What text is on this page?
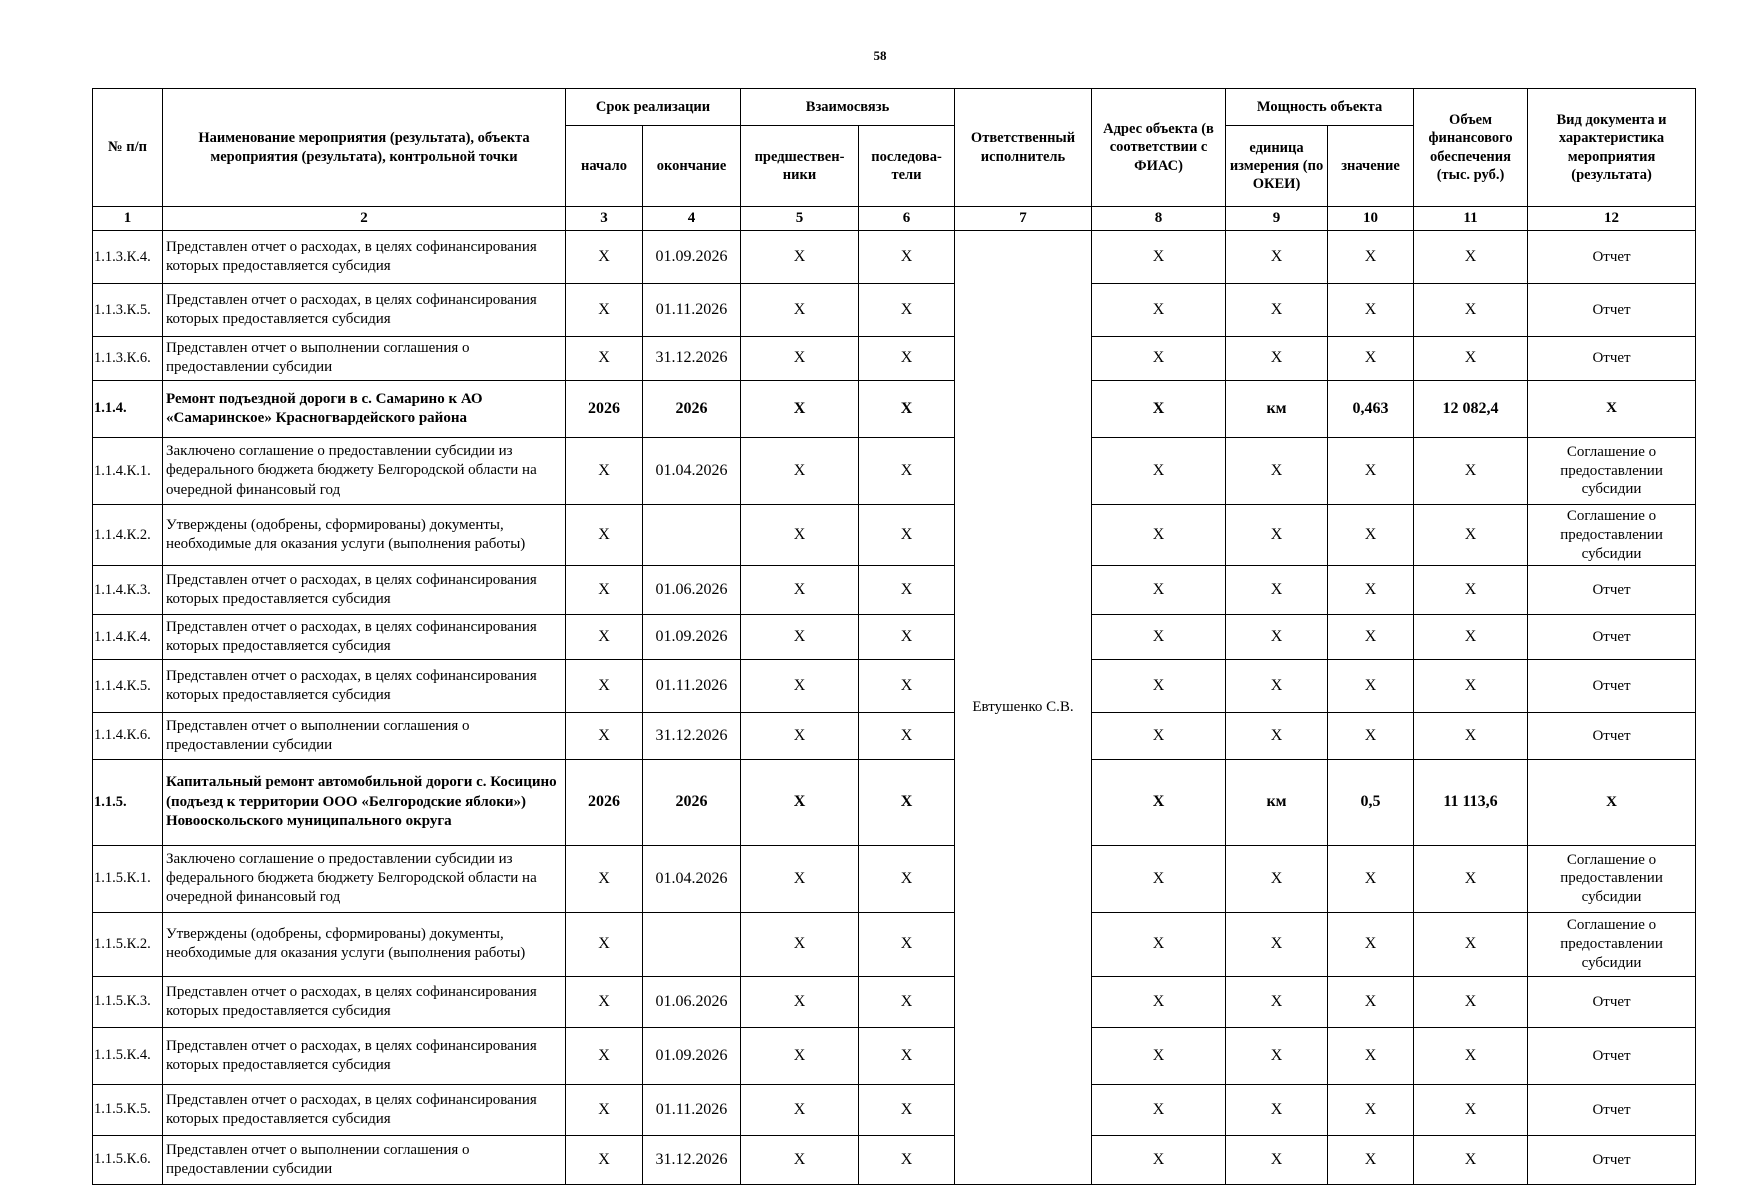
58
№ п/п	Наименование мероприятия (результата), объекта мероприятия (результата), контрольной точки	Срок реализации		Взаимосвязь		Ответственный исполнитель	Адрес объекта (в соответствии с ФИАС)	Мощность объекта		Объем финансового обеспечения (тыс. руб.)	Вид документа и характеристика мероприятия (результата)
		начало	окончание	предшествен-ники	последова-тели			единица измерения (по ОКЕИ)	значение		
1	2	3	4	5	6	7	8	9	10	11	12
1.1.3.К.4.	Представлен отчет о расходах, в целях софинансирования которых предоставляется субсидия	X	01.09.2026	X	X	Евтушенко С.В.	X	X	X	X	Отчет
1.1.3.К.5.	Представлен отчет о расходах, в целях софинансирования которых предоставляется субсидия	X	01.11.2026	X	X		X	X	X	X	Отчет
1.1.3.К.6.	Представлен отчет о выполнении соглашения о предоставлении субсидии	X	31.12.2026	X	X		X	X	X	X	Отчет
1.1.4.	Ремонт подъездной дороги в с. Самарино к АО «Самаринское» Красногвардейского района	2026	2026	X	X		X	км	0,463	12 082,4	X
1.1.4.К.1.	Заключено соглашение о предоставлении субсидии из федерального бюджета бюджету Белгородской области на очередной финансовый год	X	01.04.2026	X	X		X	X	X	X	Соглашение о предоставлении субсидии
1.1.4.К.2.	Утверждены (одобрены, сформированы) документы, необходимые для оказания услуги (выполнения работы)	X		X	X		X	X	X	X	Соглашение о предоставлении субсидии
1.1.4.К.3.	Представлен отчет о расходах, в целях софинансирования которых предоставляется субсидия	X	01.06.2026	X	X		X	X	X	X	Отчет
1.1.4.К.4.	Представлен отчет о расходах, в целях софинансирования которых предоставляется субсидия	X	01.09.2026	X	X		X	X	X	X	Отчет
1.1.4.К.5.	Представлен отчет о расходах, в целях софинансирования которых предоставляется субсидия	X	01.11.2026	X	X		X	X	X	X	Отчет
1.1.4.К.6.	Представлен отчет о выполнении соглашения о предоставлении субсидии	X	31.12.2026	X	X		X	X	X	X	Отчет
1.1.5.	Капитальный ремонт автомобильной дороги с. Косицино (подъезд к территории ООО «Белгородские яблоки») Новооскольского муниципального округа	2026	2026	X	X		X	км	0,5	11 113,6	X
1.1.5.К.1.	Заключено соглашение о предоставлении субсидии из федерального бюджета бюджету Белгородской области на очередной финансовый год	X	01.04.2026	X	X		X	X	X	X	Соглашение о предоставлении субсидии
1.1.5.К.2.	Утверждены (одобрены, сформированы) документы, необходимые для оказания услуги (выполнения работы)	X		X	X		X	X	X	X	Соглашение о предоставлении субсидии
1.1.5.К.3.	Представлен отчет о расходах, в целях софинансирования которых предоставляется субсидия	X	01.06.2026	X	X		X	X	X	X	Отчет
1.1.5.К.4.	Представлен отчет о расходах, в целях софинансирования которых предоставляется субсидия	X	01.09.2026	X	X		X	X	X	X	Отчет
1.1.5.К.5.	Представлен отчет о расходах, в целях софинансирования которых предоставляется субсидия	X	01.11.2026	X	X		X	X	X	X	Отчет
1.1.5.К.6.	Представлен отчет о выполнении соглашения о предоставлении субсидии	X	31.12.2026	X	X		X	X	X	X	Отчет
